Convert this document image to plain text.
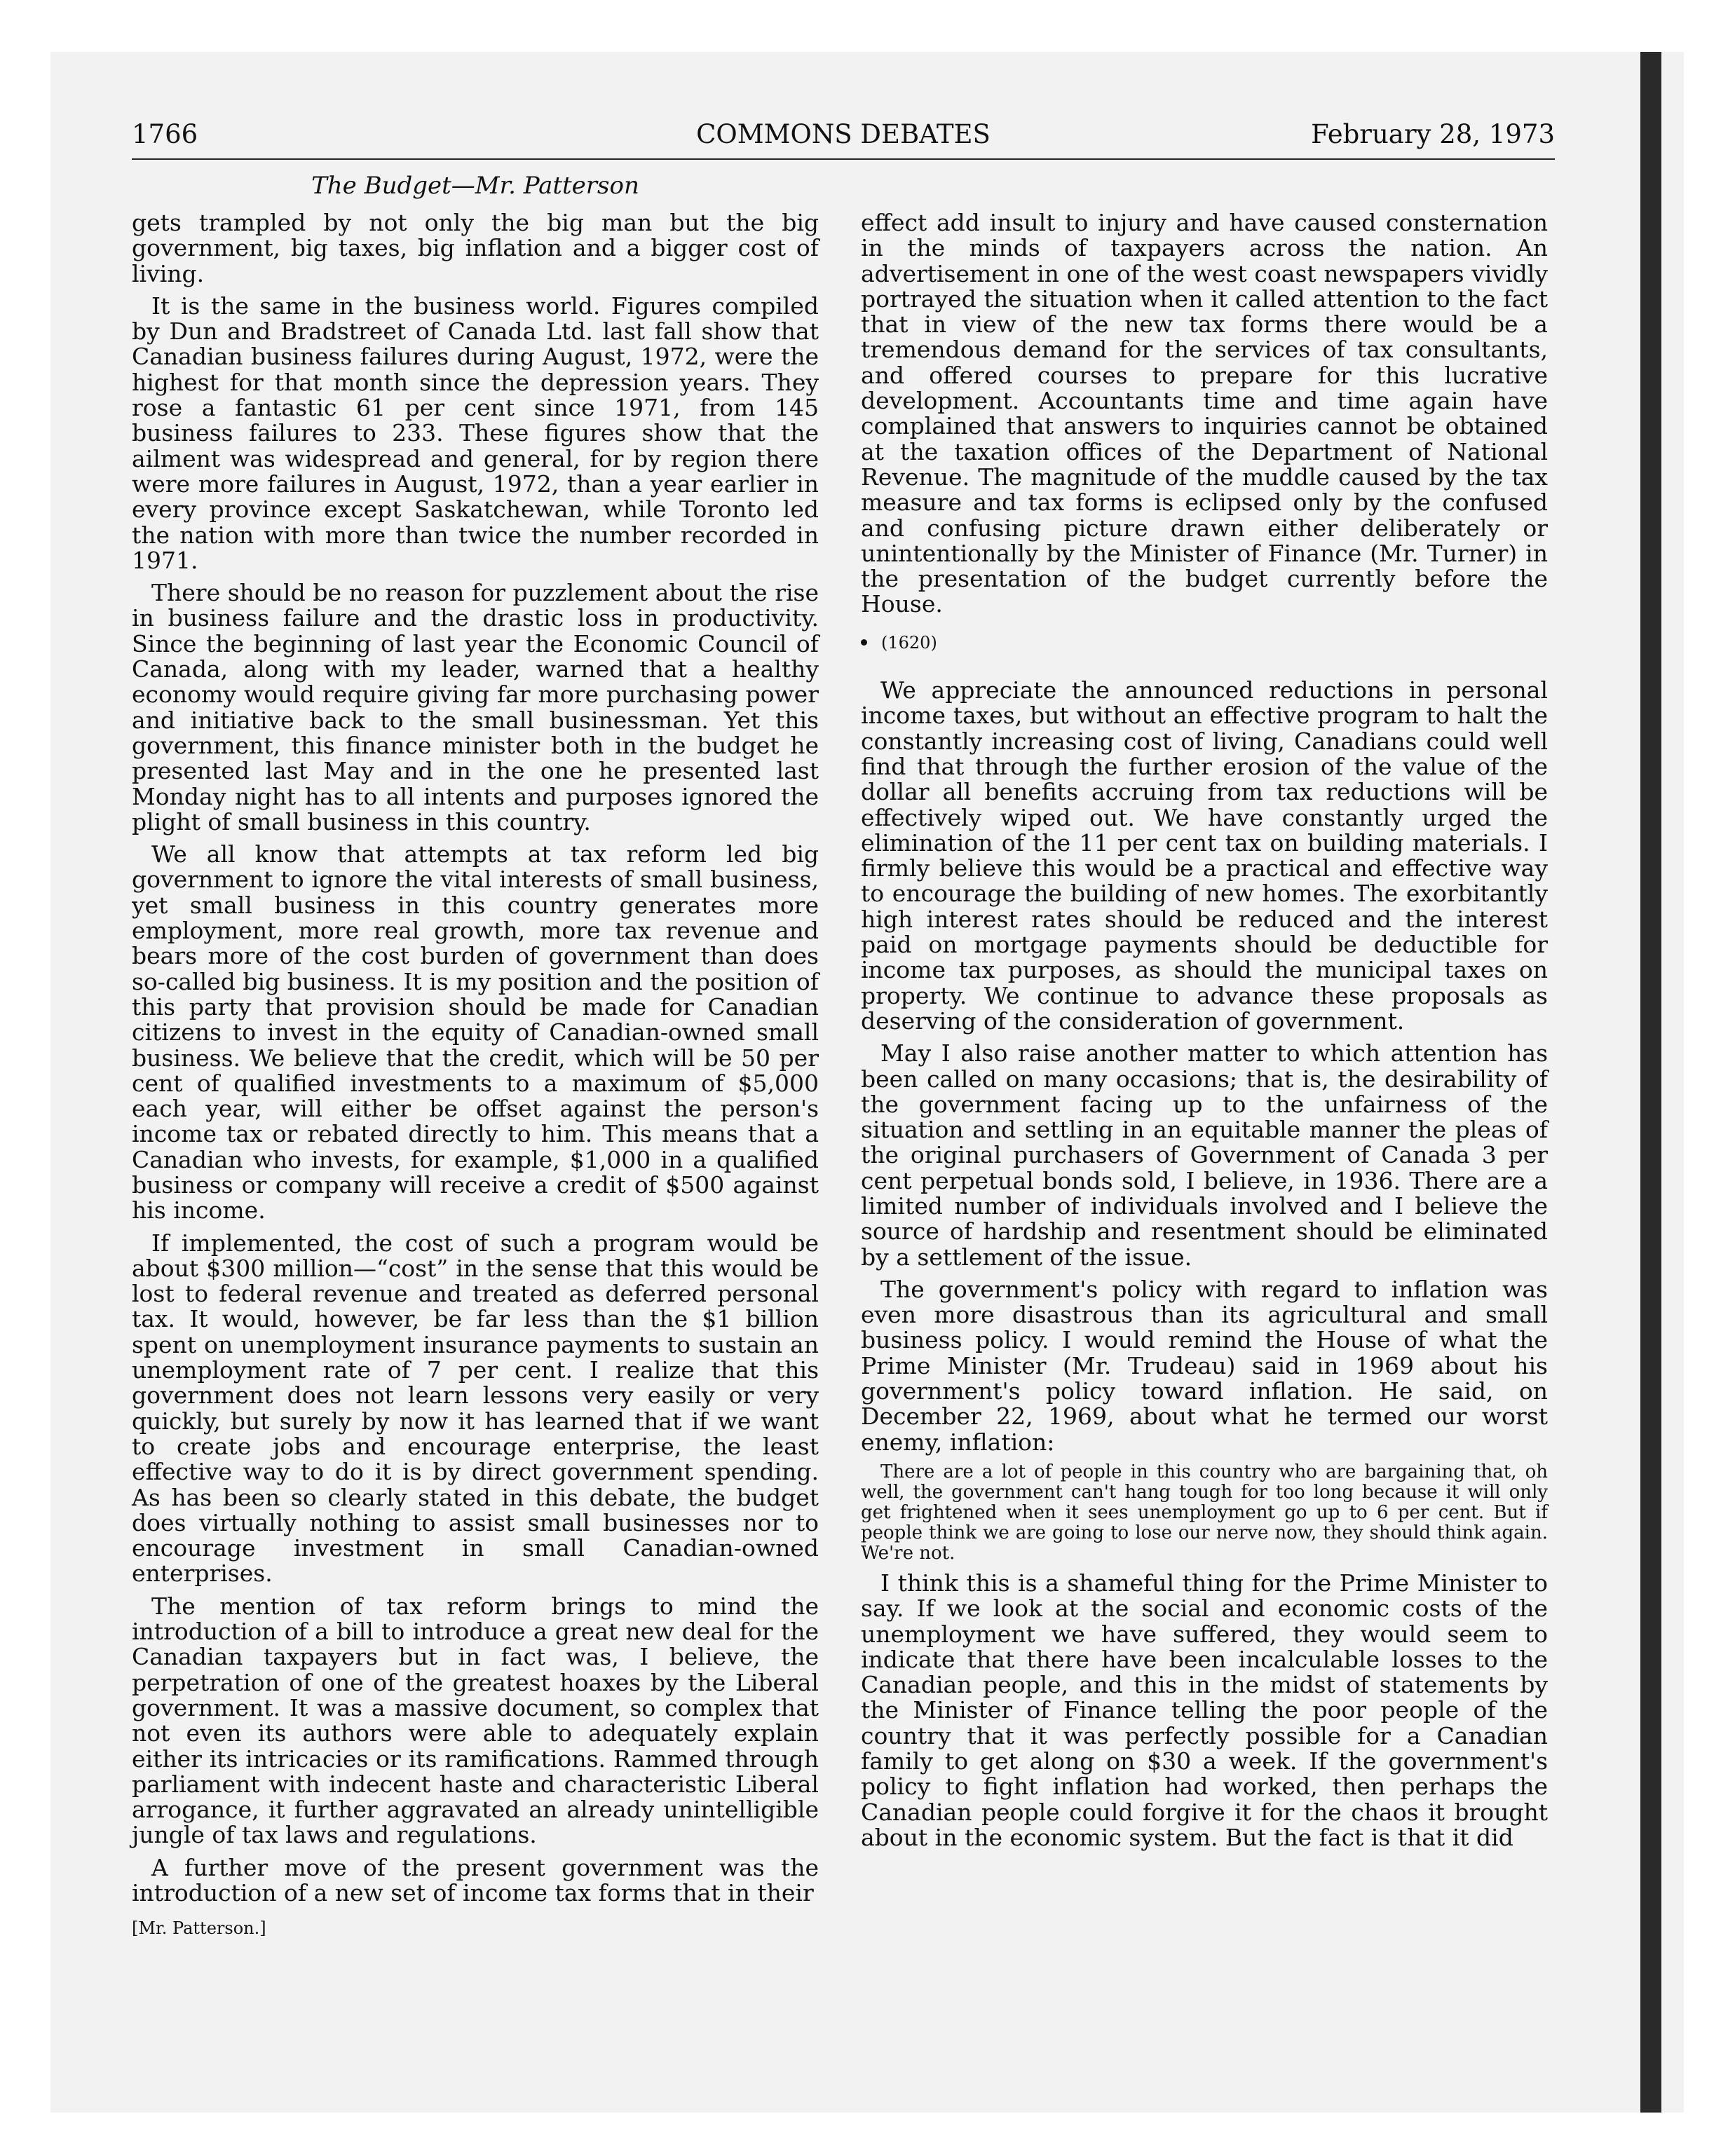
1766	COMMONS DEBATES	February 28, 1973
The Budget—Mr. Patterson

gets trampled by not only the big man but the big government, big taxes, big inflation and a bigger cost of living.

It is the same in the business world. Figures compiled by Dun and Bradstreet of Canada Ltd. last fall show that Canadian business failures during August, 1972, were the highest for that month since the depression years. They rose a fantastic 61 per cent since 1971, from 145 business failures to 233. These figures show that the ailment was widespread and general, for by region there were more failures in August, 1972, than a year earlier in every province except Saskatchewan, while Toronto led the nation with more than twice the number recorded in 1971.

There should be no reason for puzzlement about the rise in business failure and the drastic loss in productivity. Since the beginning of last year the Economic Council of Canada, along with my leader, warned that a healthy economy would require giving far more purchasing power and initiative back to the small businessman. Yet this government, this finance minister both in the budget he presented last May and in the one he presented last Monday night has to all intents and purposes ignored the plight of small business in this country.

We all know that attempts at tax reform led big government to ignore the vital interests of small business, yet small business in this country generates more employment, more real growth, more tax revenue and bears more of the cost burden of government than does so-called big business. It is my position and the position of this party that provision should be made for Canadian citizens to invest in the equity of Canadian-owned small business. We believe that the credit, which will be 50 per cent of qualified investments to a maximum of $5,000 each year, will either be offset against the person's income tax or rebated directly to him. This means that a Canadian who invests, for example, $1,000 in a qualified business or company will receive a credit of $500 against his income.

If implemented, the cost of such a program would be about $300 million—“cost” in the sense that this would be lost to federal revenue and treated as deferred personal tax. It would, however, be far less than the $1 billion spent on unemployment insurance payments to sustain an unemployment rate of 7 per cent. I realize that this government does not learn lessons very easily or very quickly, but surely by now it has learned that if we want to create jobs and encourage enterprise, the least effective way to do it is by direct government spending. As has been so clearly stated in this debate, the budget does virtually nothing to assist small businesses nor to encourage investment in small Canadian-owned enterprises.

The mention of tax reform brings to mind the introduction of a bill to introduce a great new deal for the Canadian taxpayers but in fact was, I believe, the perpetration of one of the greatest hoaxes by the Liberal government. It was a massive document, so complex that not even its authors were able to adequately explain either its intricacies or its ramifications. Rammed through parliament with indecent haste and characteristic Liberal arrogance, it further aggravated an already unintelligible jungle of tax laws and regulations.

A further move of the present government was the introduction of a new set of income tax forms that in their

[Mr. Patterson.]

effect add insult to injury and have caused consternation in the minds of taxpayers across the nation. An advertisement in one of the west coast newspapers vividly portrayed the situation when it called attention to the fact that in view of the new tax forms there would be a tremendous demand for the services of tax consultants, and offered courses to prepare for this lucrative development. Accountants time and time again have complained that answers to inquiries cannot be obtained at the taxation offices of the Department of National Revenue. The magnitude of the muddle caused by the tax measure and tax forms is eclipsed only by the confused and confusing picture drawn either deliberately or unintentionally by the Minister of Finance (Mr. Turner) in the presentation of the budget currently before the House.

(1620)

We appreciate the announced reductions in personal income taxes, but without an effective program to halt the constantly increasing cost of living, Canadians could well find that through the further erosion of the value of the dollar all benefits accruing from tax reductions will be effectively wiped out. We have constantly urged the elimination of the 11 per cent tax on building materials. I firmly believe this would be a practical and effective way to encourage the building of new homes. The exorbitantly high interest rates should be reduced and the interest paid on mortgage payments should be deductible for income tax purposes, as should the municipal taxes on property. We continue to advance these proposals as deserving of the consideration of government.

May I also raise another matter to which attention has been called on many occasions; that is, the desirability of the government facing up to the unfairness of the situation and settling in an equitable manner the pleas of the original purchasers of Government of Canada 3 per cent perpetual bonds sold, I believe, in 1936. There are a limited number of individuals involved and I believe the source of hardship and resentment should be eliminated by a settlement of the issue.

The government's policy with regard to inflation was even more disastrous than its agricultural and small business policy. I would remind the House of what the Prime Minister (Mr. Trudeau) said in 1969 about his government's policy toward inflation. He said, on December 22, 1969, about what he termed our worst enemy, inflation:

There are a lot of people in this country who are bargaining that, oh well, the government can't hang tough for too long because it will only get frightened when it sees unemployment go up to 6 per cent. But if people think we are going to lose our nerve now, they should think again. We're not.

I think this is a shameful thing for the Prime Minister to say. If we look at the social and economic costs of the unemployment we have suffered, they would seem to indicate that there have been incalculable losses to the Canadian people, and this in the midst of statements by the Minister of Finance telling the poor people of the country that it was perfectly possible for a Canadian family to get along on $30 a week. If the government's policy to fight inflation had worked, then perhaps the Canadian people could forgive it for the chaos it brought about in the economic system. But the fact is that it did
